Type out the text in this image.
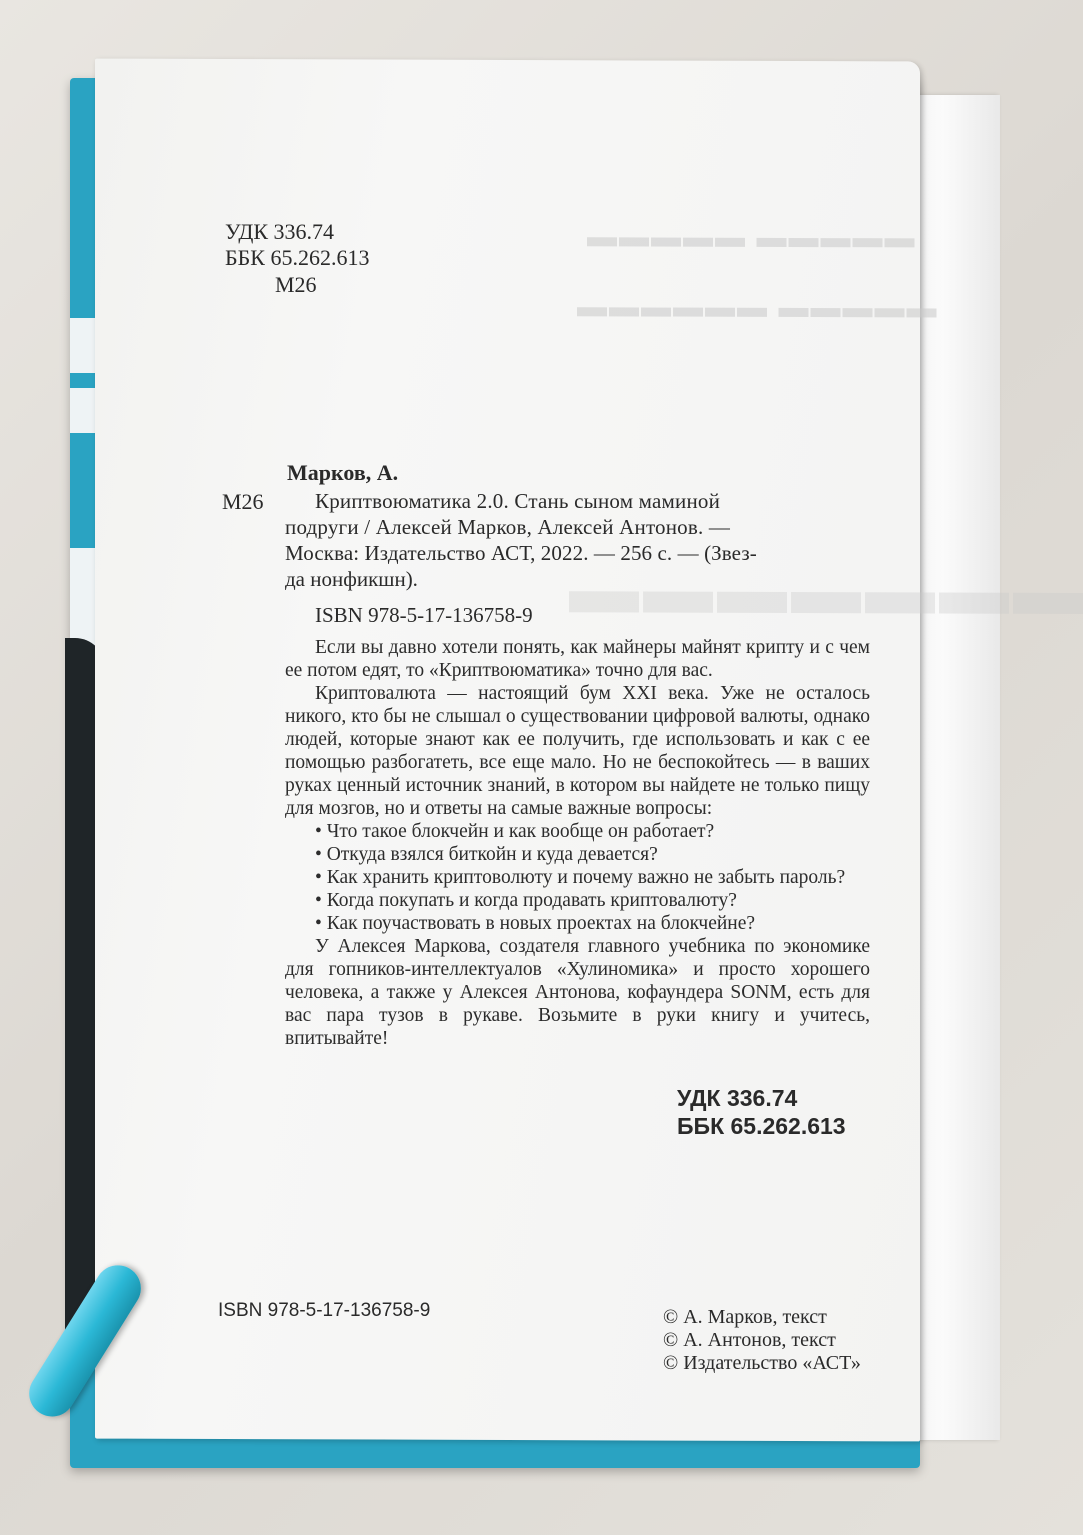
▬▬▬▬▬ ▬▬▬▬▬
▬▬▬▬▬ ▬▬▬▬▬▬
▬▬▬▬▬▬▬
УДК 336.74
ББК 65.262.613
М26
Марков, А.
М26 Криптвоюматика 2.0. Стань сыном маминой
подруги / Алексей Марков, Алексей Антонов. —
Москва: Издательство АСТ, 2022. — 256 с. — (Звез-
да нонфикшн).
ISBN 978-5-17-136758-9

Если вы давно хотели понять, как майнеры майнят крипту и с чем ее потом едят, то «Криптвоюматика» точно для вас.

Криптовалюта — настоящий бум XXI века. Уже не осталось никого, кто бы не слышал о существовании цифровой валюты, однако людей, которые знают как ее получить, где использовать и как с ее помощью разбогатеть, все еще мало. Но не беспокойтесь — в ваших руках ценный источник знаний, в котором вы найдете не только пищу для мозгов, но и ответы на самые важные вопросы:

• Что такое блокчейн и как вообще он работает?

• Откуда взялся биткойн и куда девается?

• Как хранить криптоволюту и почему важно не забыть пароль?

• Когда покупать и когда продавать криптовалюту?

• Как поучаствовать в новых проектах на блокчейне?

У Алексея Маркова, создателя главного учебника по экономике для гопников-интеллектуалов «Хулиномика» и просто хорошего человека, а также у Алексея Антонова, кофаундера SONM, есть для вас пара тузов в рукаве. Возьмите в руки книгу и учитесь, впитывайте!

УДК 336.74
ББК 65.262.613
ISBN 978-5-17-136758-9	© А. Марков, текст
© А. Антонов, текст
© Издательство «АСТ»
